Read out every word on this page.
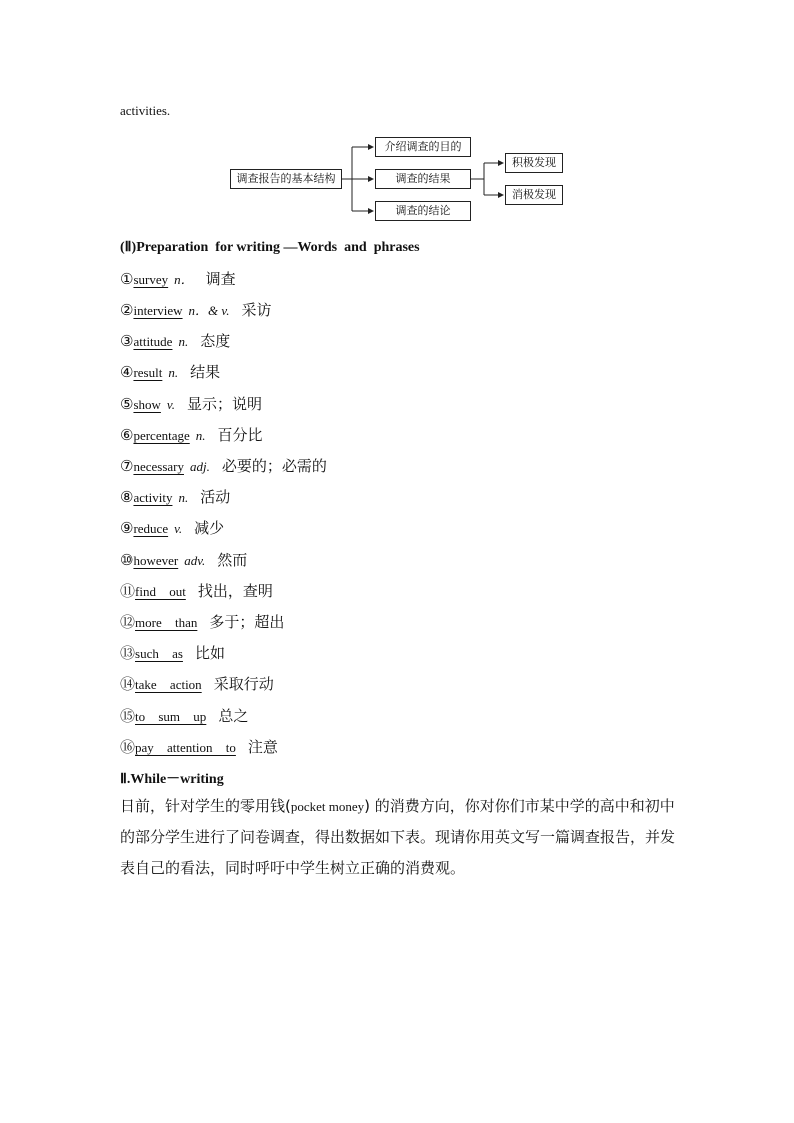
activities.
调查报告的基本结构
介绍调查的目的
调查的结果
调查的结论
积极发现
消极发现
(Ⅱ)Preparation  for writing —Words  and  phrases
①survey n． 调查
②interview n．& v. 采访
③attitude n. 态度
④result n. 结果
⑤show v. 显示；说明
⑥percentage n. 百分比
⑦necessary adj. 必要的；必需的
⑧activity n. 活动
⑨reduce v. 减少
⑩however adv. 然而
⑪find out 找出，查明
⑫more than 多于；超出
⑬such as 比如
⑭take action 采取行动
⑮to sum up 总之
⑯pay attention to 注意
Ⅱ.While－writing
日前，针对学生的零用钱(pocket money) 的消费方向，你对你们市某中学的高中和初中的部分学生进行了问卷调查，得出数据如下表。现请你用英文写一篇调查报告，并发表自己的看法，同时呼吁中学生树立正确的消费观。
